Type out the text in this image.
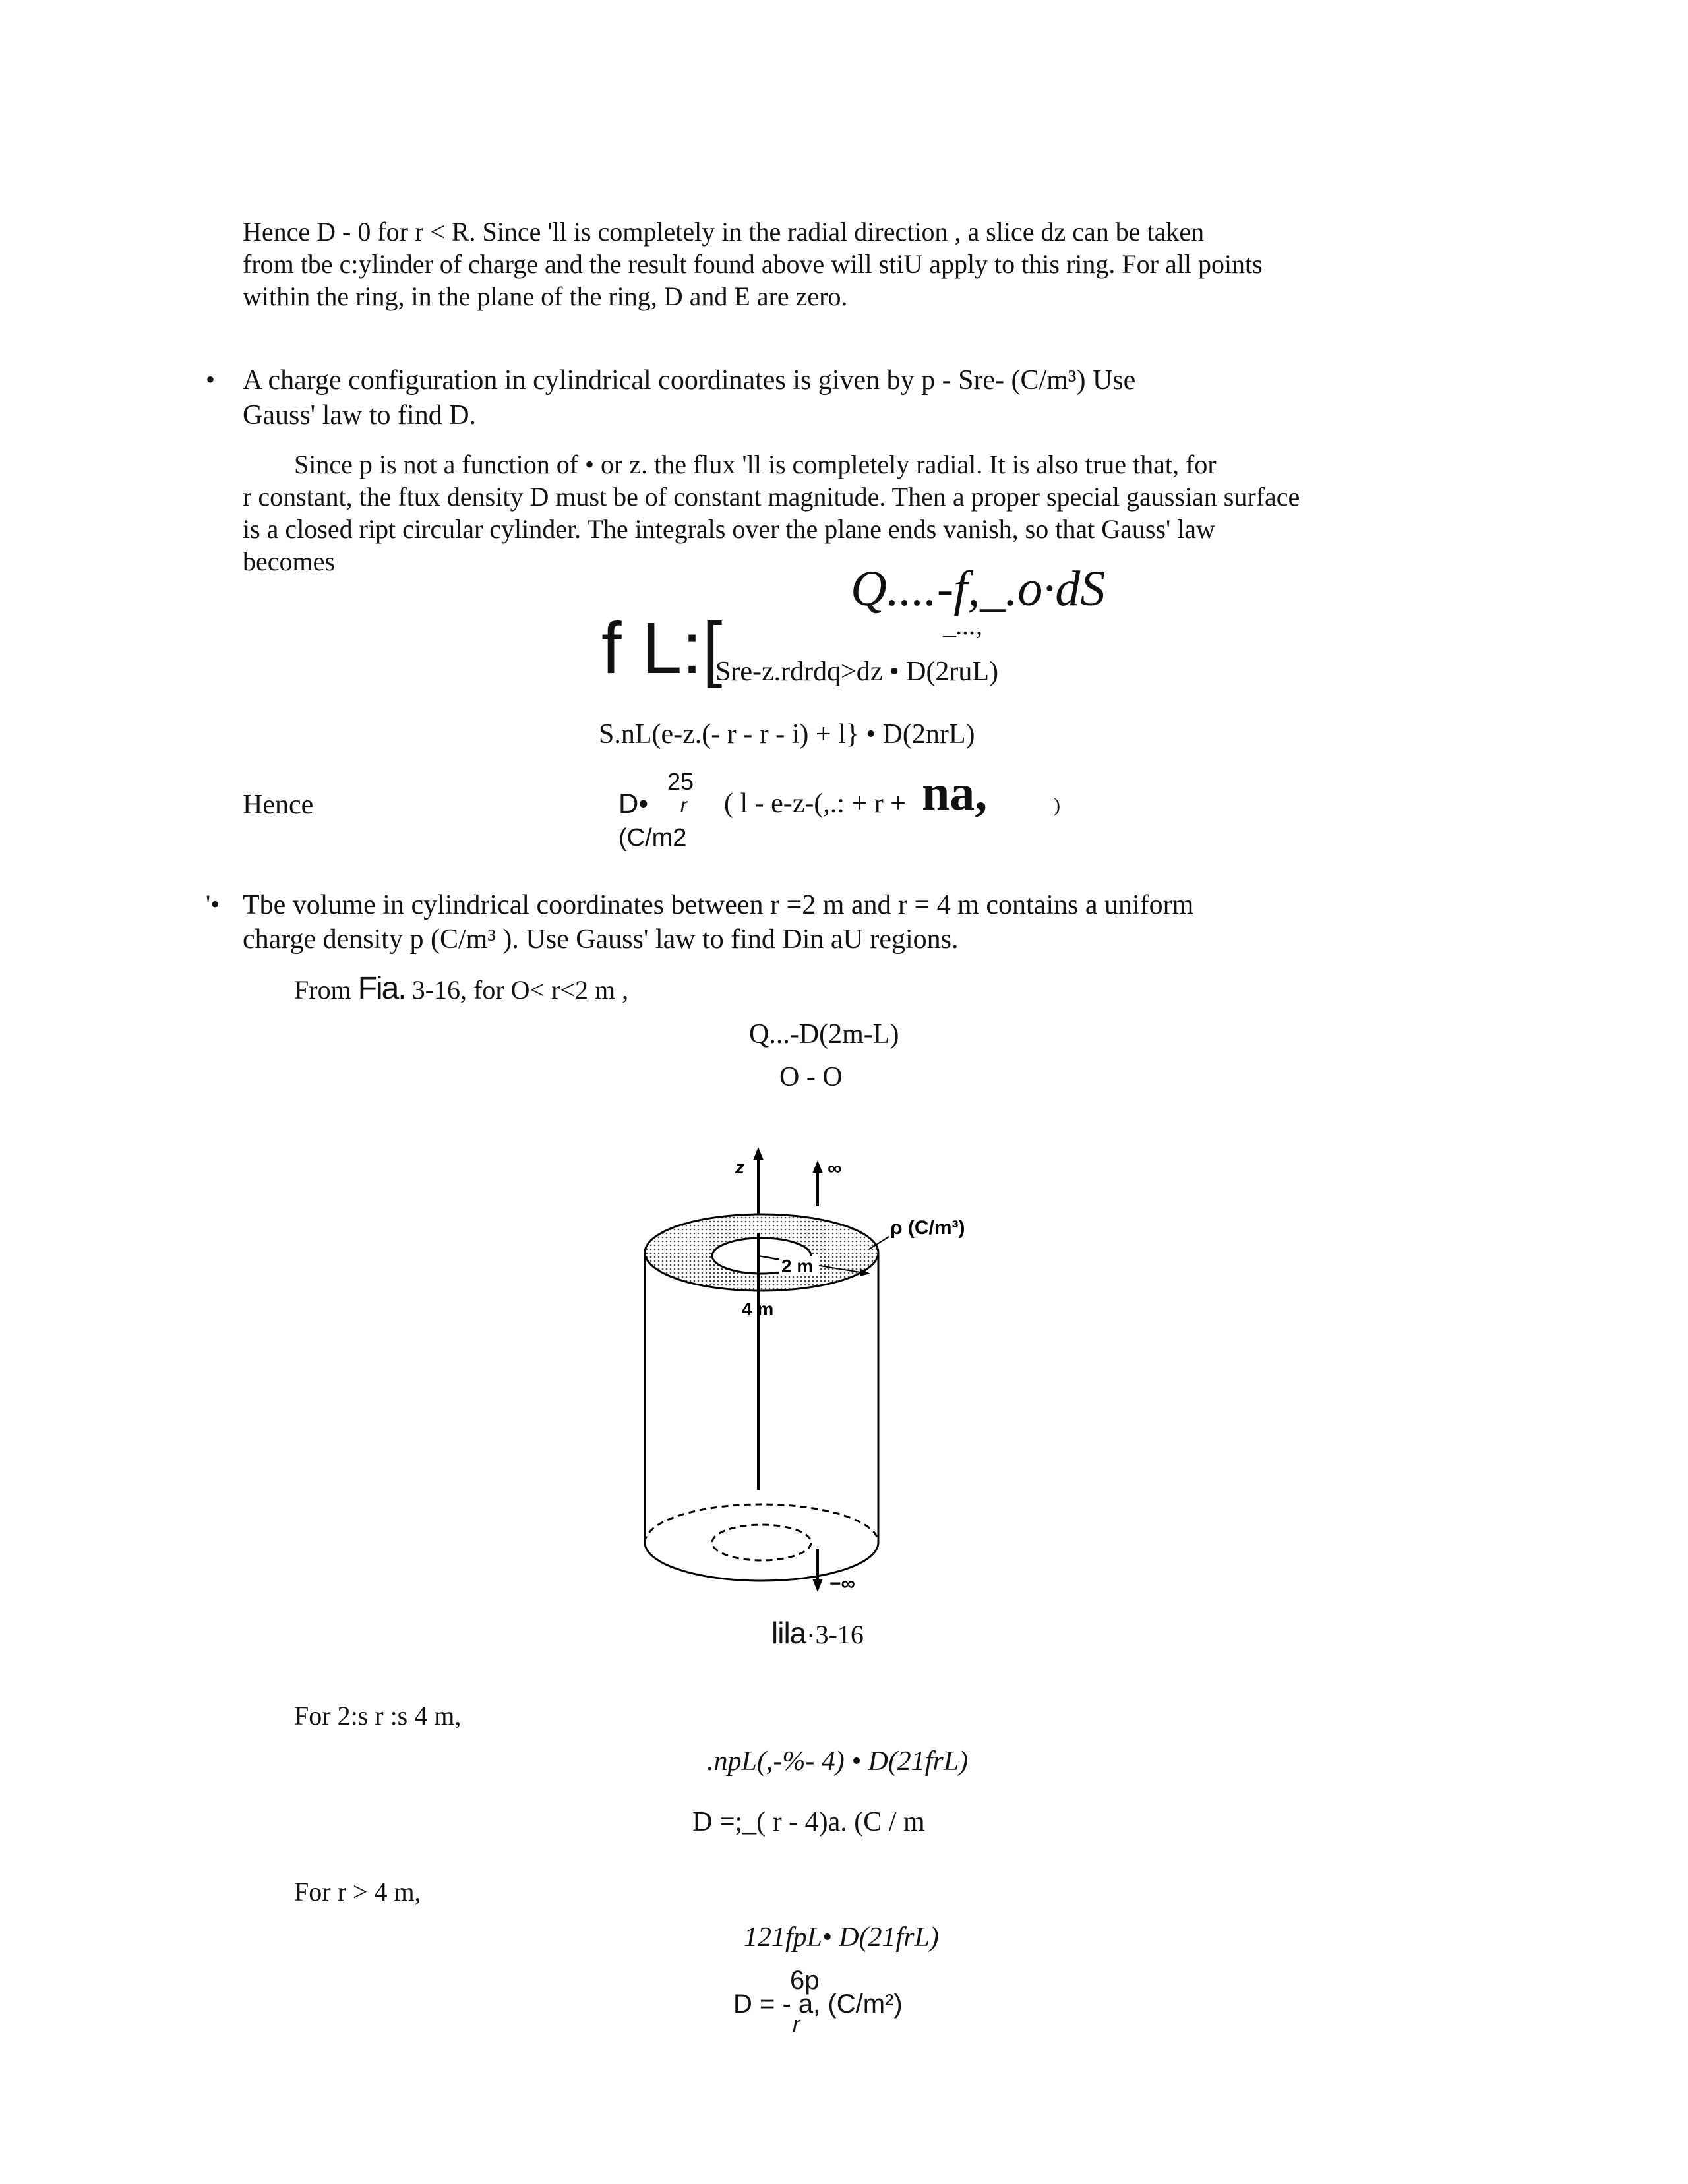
Hence D - 0 for r < R. Since 'll is completely in the radial direction , a slice dz can be taken
from tbe c:ylinder of charge and the result found above will stiU apply to this ring. For all points
within the ring, in the plane of the ring, D and E are zero.
• A charge configuration in cylindrical coordinates is given by p - Sre- (C/m³) Use
Gauss' law to find D.
Since p is not a function of • or z. the flux 'll is completely radial. It is also true that, for
r constant, the ftux density D must be of constant magnitude. Then a proper special gaussian surface
is a closed ript circular cylinder. The integrals over the plane ends vanish, so that Gauss' law
becomes	Q....-f,_.o·dS
_...,
f L:[
Sre-z.rdrdq>dz • D(2ruL)
S.nL(e-z.(- r - r - i) + l} • D(2nrL)
Hence	D•
25
r ( l - e-z-(,.: + r + na,	)
(C/m2
'• Tbe volume in cylindrical coordinates between r =2 m and r = 4 m contains a uniform
charge density p (C/m³ ). Use Gauss' law to find Din aU regions.
From Fia. 3-16, for O< r<2 m ,
Q...-D(2m-L)
O - O
z	∞
2 m
4 m
ρ (C/m³)
−∞
lila·3-16
For 2:s r :s 4 m,
.npL(,-%- 4) • D(21frL)
D =;_( r - 4)a. (C / m
For r > 4 m,
121fpL• D(21frL)
6p
D = - a, (C/m²)
r
